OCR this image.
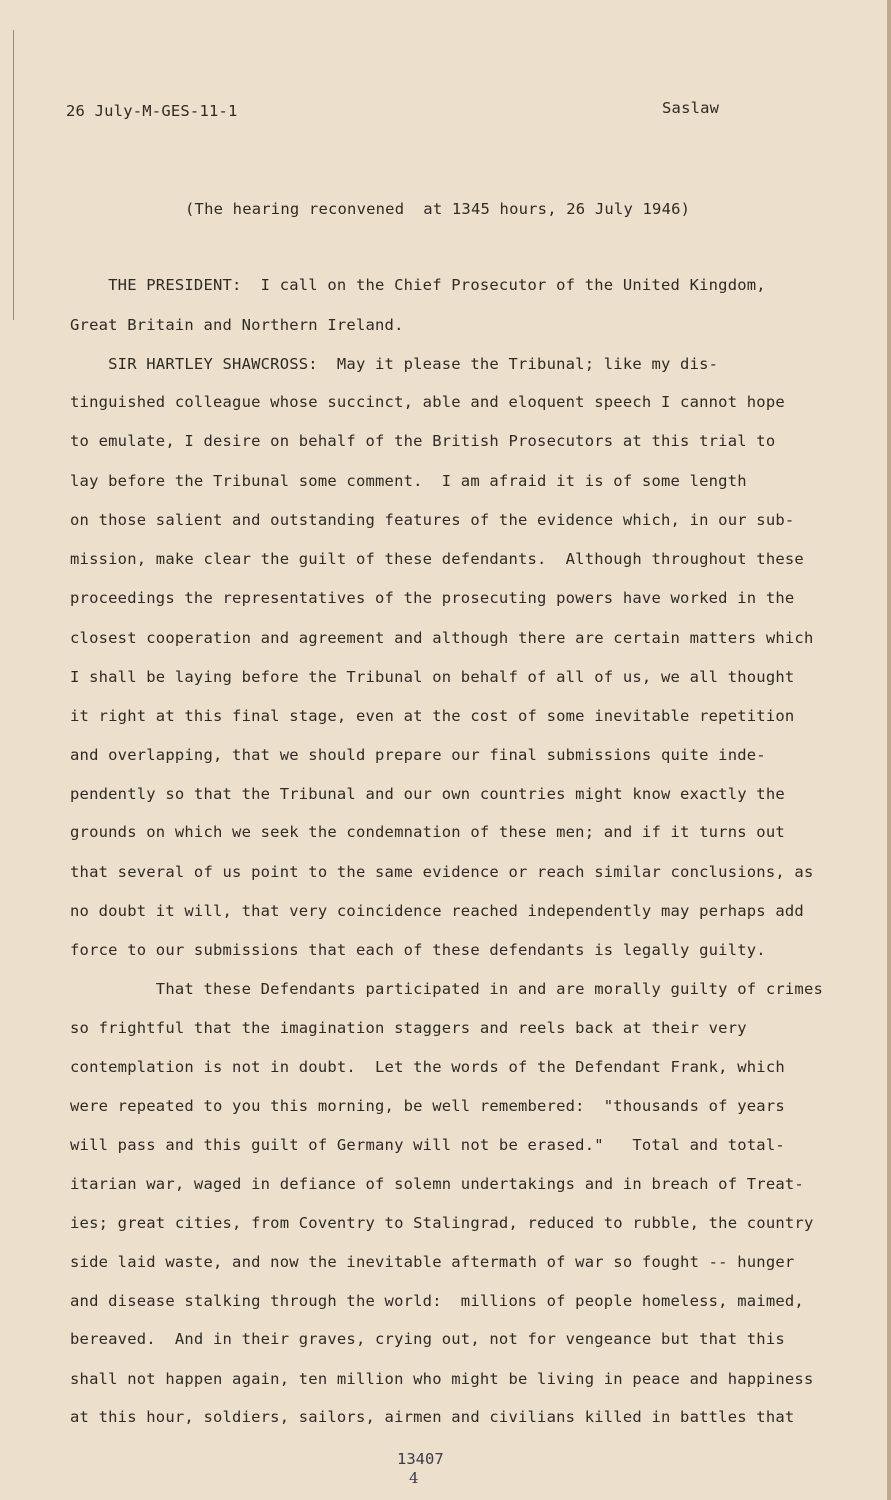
26 July-M-GES-11-1	Saslaw
(The hearing reconvened  at 1345 hours, 26 July 1946)
THE PRESIDENT:  I call on the Chief Prosecutor of the United Kingdom,
Great Britain and Northern Ireland.
SIR HARTLEY SHAWCROSS:  May it please the Tribunal; like my dis-
tinguished colleague whose succinct, able and eloquent speech I cannot hope
to emulate, I desire on behalf of the British Prosecutors at this trial to
lay before the Tribunal some comment.  I am afraid it is of some length
on those salient and outstanding features of the evidence which, in our sub-
mission, make clear the guilt of these defendants.  Although throughout these
proceedings the representatives of the prosecuting powers have worked in the
closest cooperation and agreement and although there are certain matters which
I shall be laying before the Tribunal on behalf of all of us, we all thought
it right at this final stage, even at the cost of some inevitable repetition
and overlapping, that we should prepare our final submissions quite inde-
pendently so that the Tribunal and our own countries might know exactly the
grounds on which we seek the condemnation of these men; and if it turns out
that several of us point to the same evidence or reach similar conclusions, as
no doubt it will, that very coincidence reached independently may perhaps add
force to our submissions that each of these defendants is legally guilty.
That these Defendants participated in and are morally guilty of crimes
so frightful that the imagination staggers and reels back at their very
contemplation is not in doubt.  Let the words of the Defendant Frank, which
were repeated to you this morning, be well remembered:  "thousands of years
will pass and this guilt of Germany will not be erased."   Total and total-
itarian war, waged in defiance of solemn undertakings and in breach of Treat-
ies; great cities, from Coventry to Stalingrad, reduced to rubble, the country
side laid waste, and now the inevitable aftermath of war so fought -- hunger
and disease stalking through the world:  millions of people homeless, maimed,
bereaved.  And in their graves, crying out, not for vengeance but that this
shall not happen again, ten million who might be living in peace and happiness
at this hour, soldiers, sailors, airmen and civilians killed in battles that
13407
4
